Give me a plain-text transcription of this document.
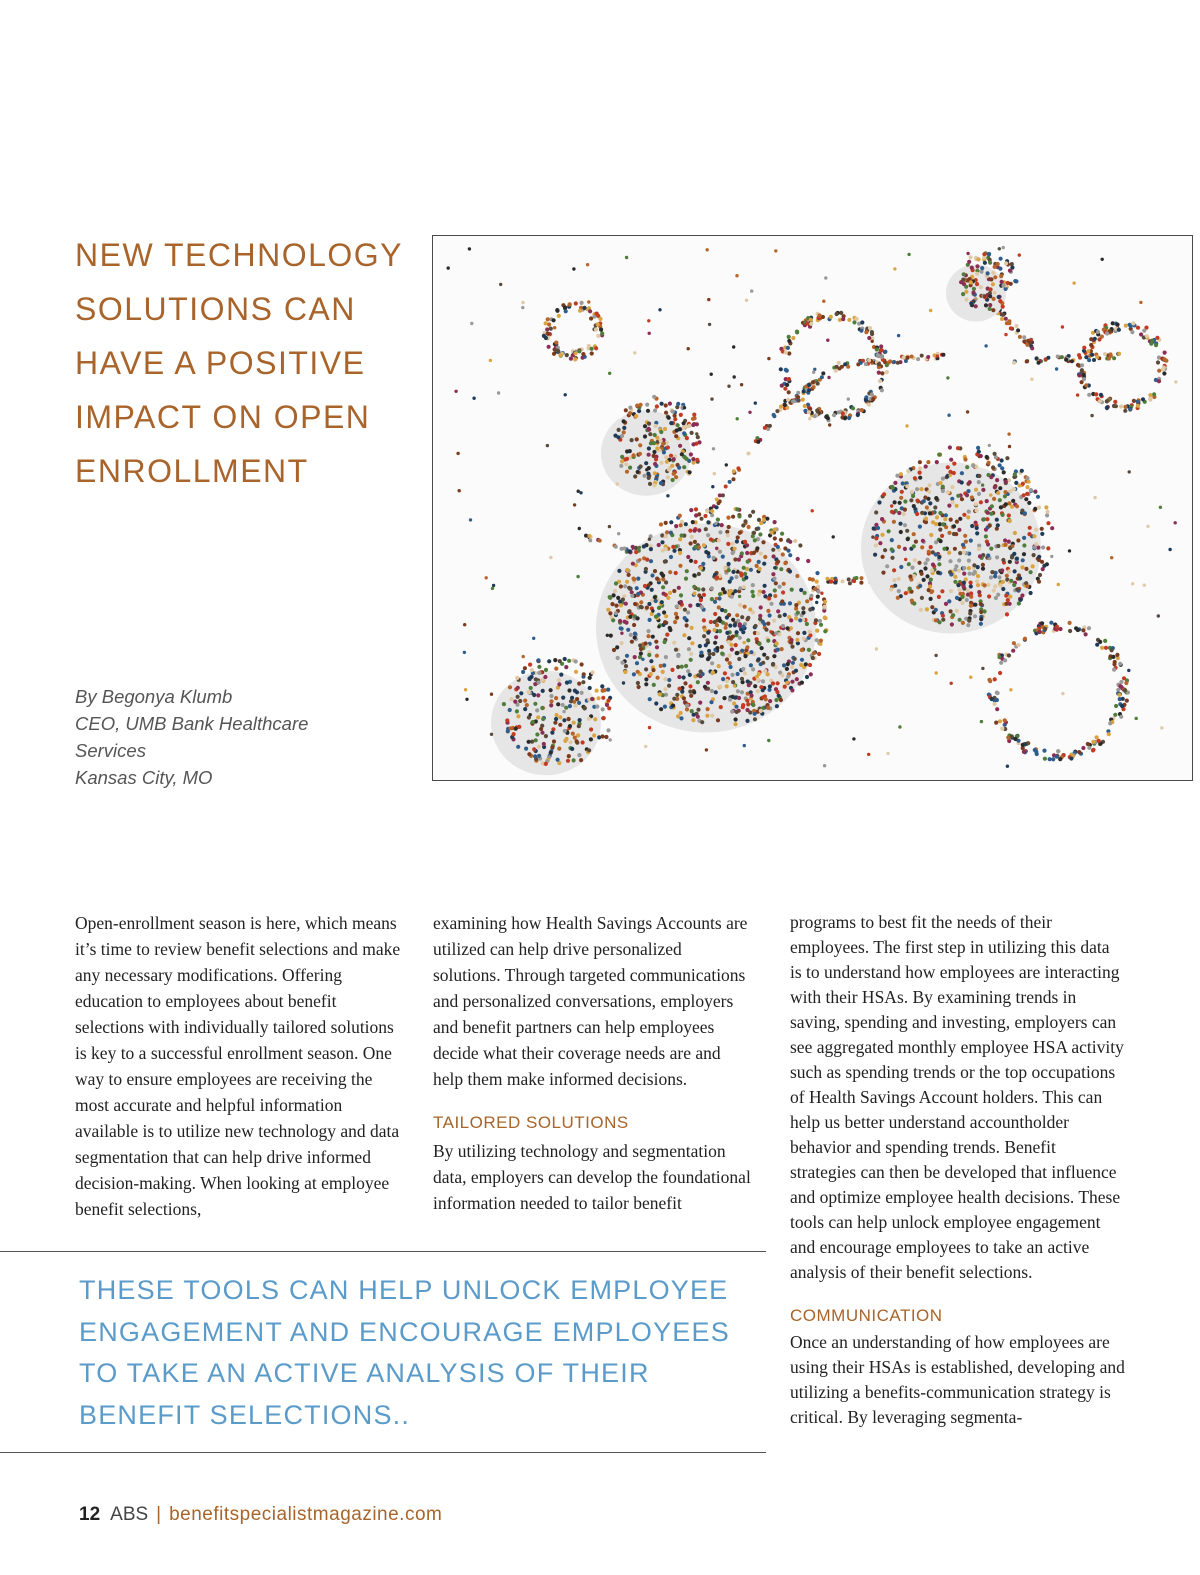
NEW TECHNOLOGY SOLUTIONS CAN HAVE A POSITIVE IMPACT ON OPEN ENROLLMENT
By Begonya Klumb
CEO, UMB Bank Healthcare Services
Kansas City, MO

Open-enrollment season is here, which means it’s time to review benefit selections and make any necessary modifications. Offering education to employees about benefit selections with individually tailored solutions is key to a successful enrollment season. One way to ensure employees are receiving the most accurate and helpful information available is to utilize new technology and data segmentation that can help drive informed decision-making. When looking at employee benefit selections,

examining how Health Savings Accounts are utilized can help drive personalized solutions. Through targeted communications and personalized conversations, employers and benefit partners can help employees decide what their coverage needs are and help them make informed decisions.

TAILORED SOLUTIONS

By utilizing technology and segmentation data, employers can develop the foundational information needed to tailor benefit

programs to best fit the needs of their employees. The first step in utilizing this data is to understand how employees are interacting with their HSAs. By examining trends in saving, spending and investing, employers can see aggregated monthly employee HSA activity such as spending trends or the top occupations of Health Savings Account holders. This can help us better understand accountholder behavior and spending trends. Benefit strategies can then be developed that influence and optimize employee health decisions. These tools can help unlock employee engagement and encourage employees to take an active analysis of their benefit selections.

COMMUNICATION

Once an understanding of how employees are using their HSAs is established, developing and utilizing a benefits-communication strategy is critical. By leveraging segmenta-

THESE TOOLS CAN HELP UNLOCK EMPLOYEE ENGAGEMENT AND ENCOURAGE EMPLOYEES TO TAKE AN ACTIVE ANALYSIS OF THEIR BENEFIT SELECTIONS..
12 ABS | benefitspecialistmagazine.com
